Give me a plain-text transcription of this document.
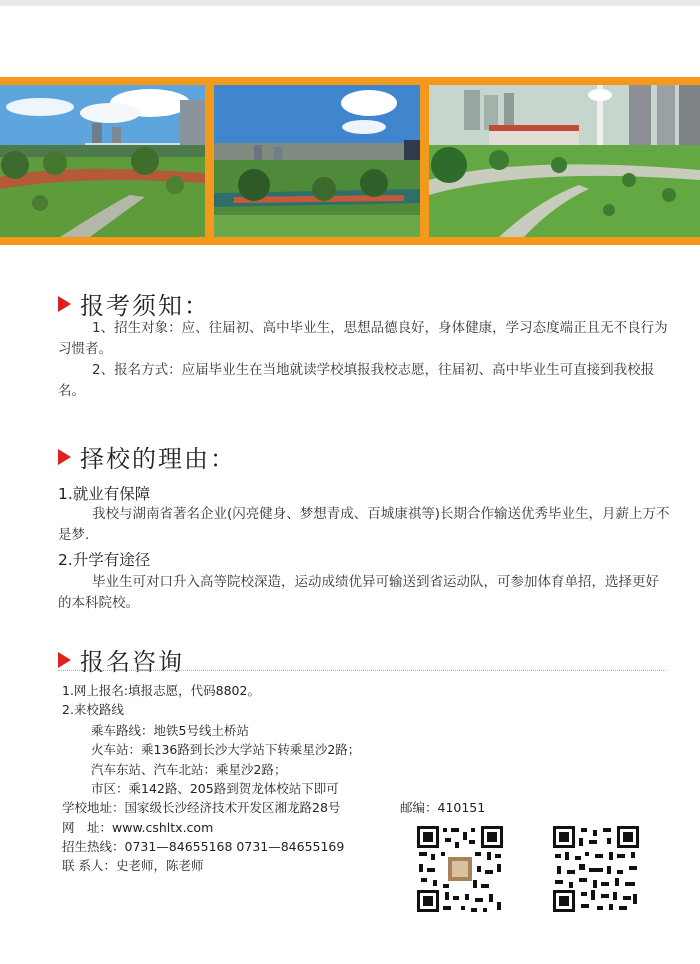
报考须知：
1、招生对象：应、往届初、高中毕业生，思想品德良好，身体健康，学习态度端正且无不良行为习惯者。
2、报名方式：应届毕业生在当地就读学校填报我校志愿，往届初、高中毕业生可直接到我校报名。
择校的理由：
1.就业有保障
我校与湖南省著名企业(闪亮健身、梦想青成、百城康祺等)长期合作输送优秀毕业生，月薪上万不是梦.
2.升学有途径
毕业生可对口升入高等院校深造，运动成绩优异可输送到省运动队，可参加体育单招，选择更好的本科院校。
报名咨询
1.网上报名:填报志愿，代码8802。
2.来校路线
乘车路线：地铁5号线土桥站
火车站：乘136路到长沙大学站下转乘星沙2路；
汽车东站、汽车北站：乘星沙2路；
市区：乘142路、205路到贺龙体校站下即可
学校地址：国家级长沙经济技术开发区湘龙路28号	邮编：410151
网　址：www.cshltx.com
招生热线：0731—84655168 0731—84655169
联 系人：史老师，陈老师
